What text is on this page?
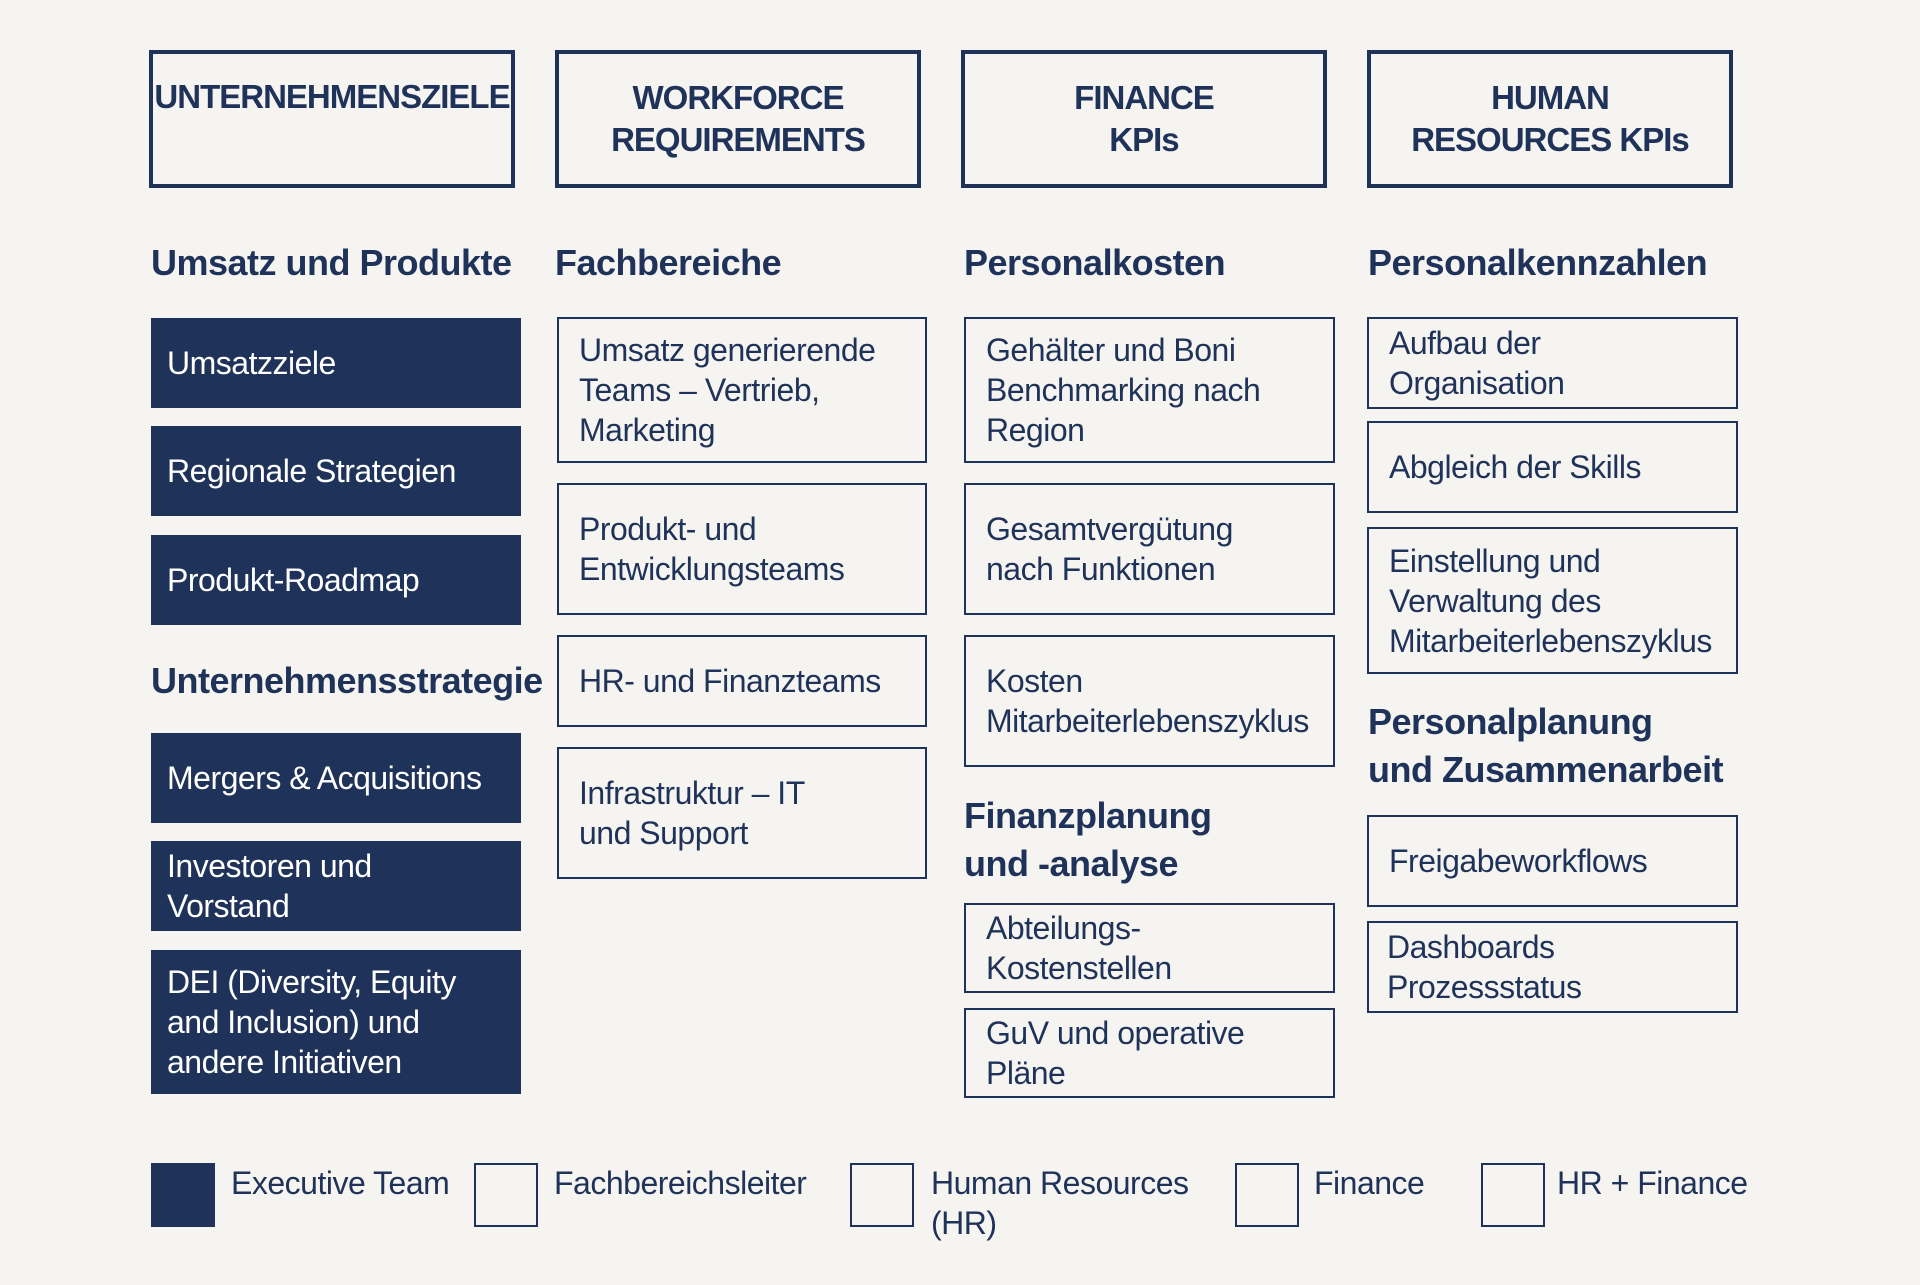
UNTERNEHMENSZIELE	WORKFORCE
REQUIREMENTS
FINANCE
KPIs
HUMAN
RESOURCES KPIs
Umsatz und Produkte
Umsatzziele
Regionale Strategien
Produkt-Roadmap
Unternehmensstrategie
Mergers & Acquisitions
Investoren und Vorstand
DEI (Diversity, Equity
and Inclusion) und
andere Initiativen
Fachbereiche
Umsatz generierende
Teams – Vertrieb,
Marketing
Produkt- und
Entwicklungsteams
HR- und Finanzteams
Infrastruktur – IT
und Support
Personalkosten
Gehälter und Boni
Benchmarking nach
Region
Gesamtvergütung
nach Funktionen
Kosten
Mitarbeiterlebenszyklus
Finanzplanung
und -analyse
Abteilungs-Kostenstellen
GuV und operative Pläne
Personalkennzahlen
Aufbau der Organisation
Abgleich der Skills
Einstellung und
Verwaltung des
Mitarbeiterlebenszyklus
Personalplanung
und Zusammenarbeit
Freigabeworkflows
Dashboards Prozessstatus
Executive Team	Fachbereichsleiter	Human Resources
(HR)
Finance	HR + Finance
